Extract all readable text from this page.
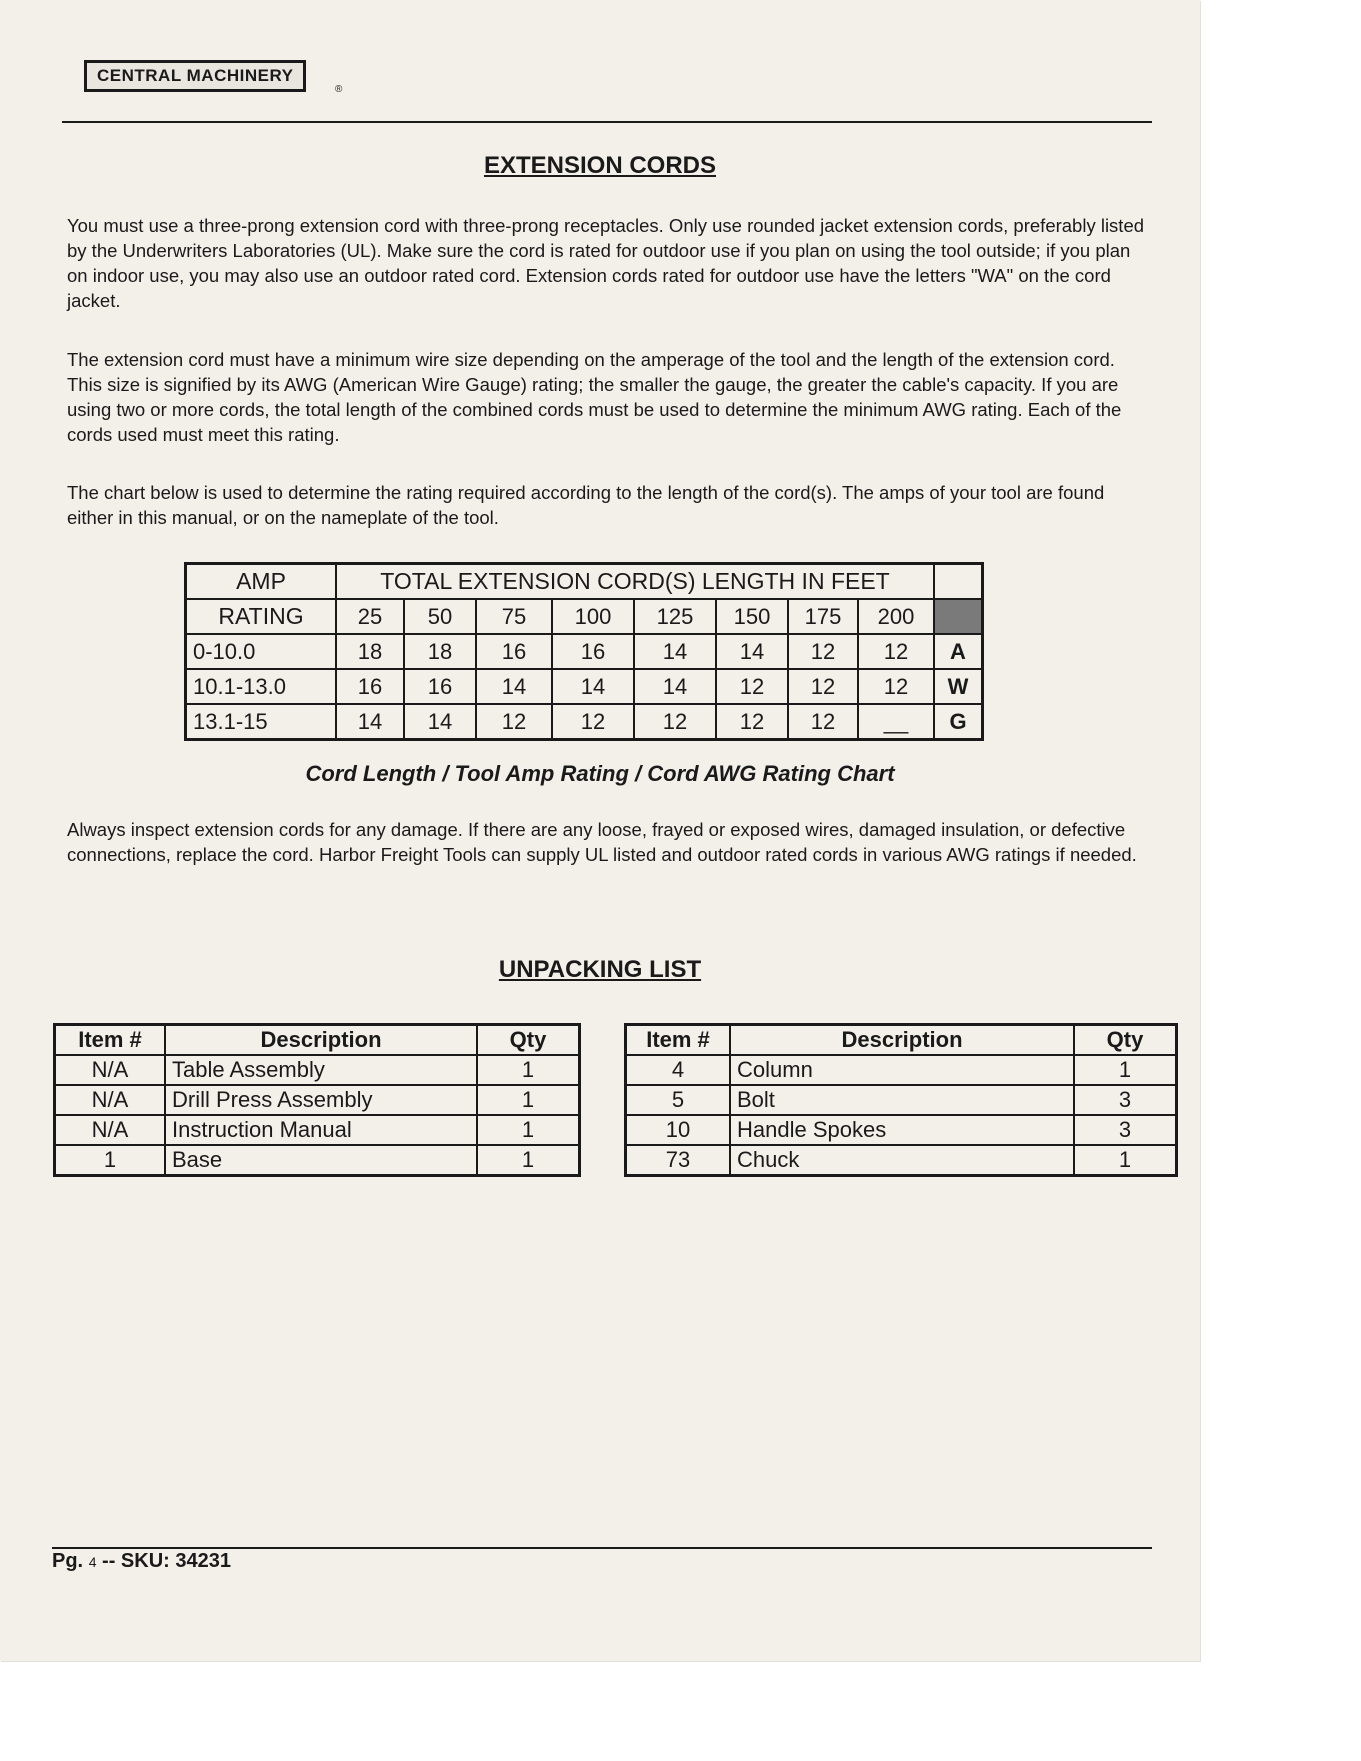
CENTRAL MACHINERY
®
EXTENSION CORDS
You must use a three-prong extension cord with three-prong receptacles. Only use rounded jacket extension cords, preferably listed by the Underwriters Laboratories (UL). Make sure the cord is rated for outdoor use if you plan on using the tool outside; if you plan on indoor use, you may also use an outdoor rated cord. Extension cords rated for outdoor use have the letters "WA" on the cord jacket.
The extension cord must have a minimum wire size depending on the amperage of the tool and the length of the extension cord. This size is signified by its AWG (American Wire Gauge) rating; the smaller the gauge, the greater the cable's capacity. If you are using two or more cords, the total length of the combined cords must be used to determine the minimum AWG rating. Each of the cords used must meet this rating.
The chart below is used to determine the rating required according to the length of the cord(s). The amps of your tool are found either in this manual, or on the nameplate of the tool.
AMP	TOTAL EXTENSION CORD(S) LENGTH IN FEET								
RATING	25	50	75	100	125	150	175	200	
0-10.0	18	18	16	16	14	14	12	12	A
10.1-13.0	16	16	14	14	14	12	12	12	W
13.1-15	14	14	12	12	12	12	12	__	G
Cord Length / Tool Amp Rating / Cord AWG Rating Chart
Always inspect extension cords for any damage. If there are any loose, frayed or exposed wires, damaged insulation, or defective connections, replace the cord. Harbor Freight Tools can supply UL listed and outdoor rated cords in various AWG ratings if needed.
UNPACKING LIST
Item #	Description	Qty
N/A	Table Assembly	1
N/A	Drill Press Assembly	1
N/A	Instruction Manual	1
1	Base	1
Item #	Description	Qty
4	Column	1
5	Bolt	3
10	Handle Spokes	3
73	Chuck	1
Pg. 4 -- SKU: 34231
